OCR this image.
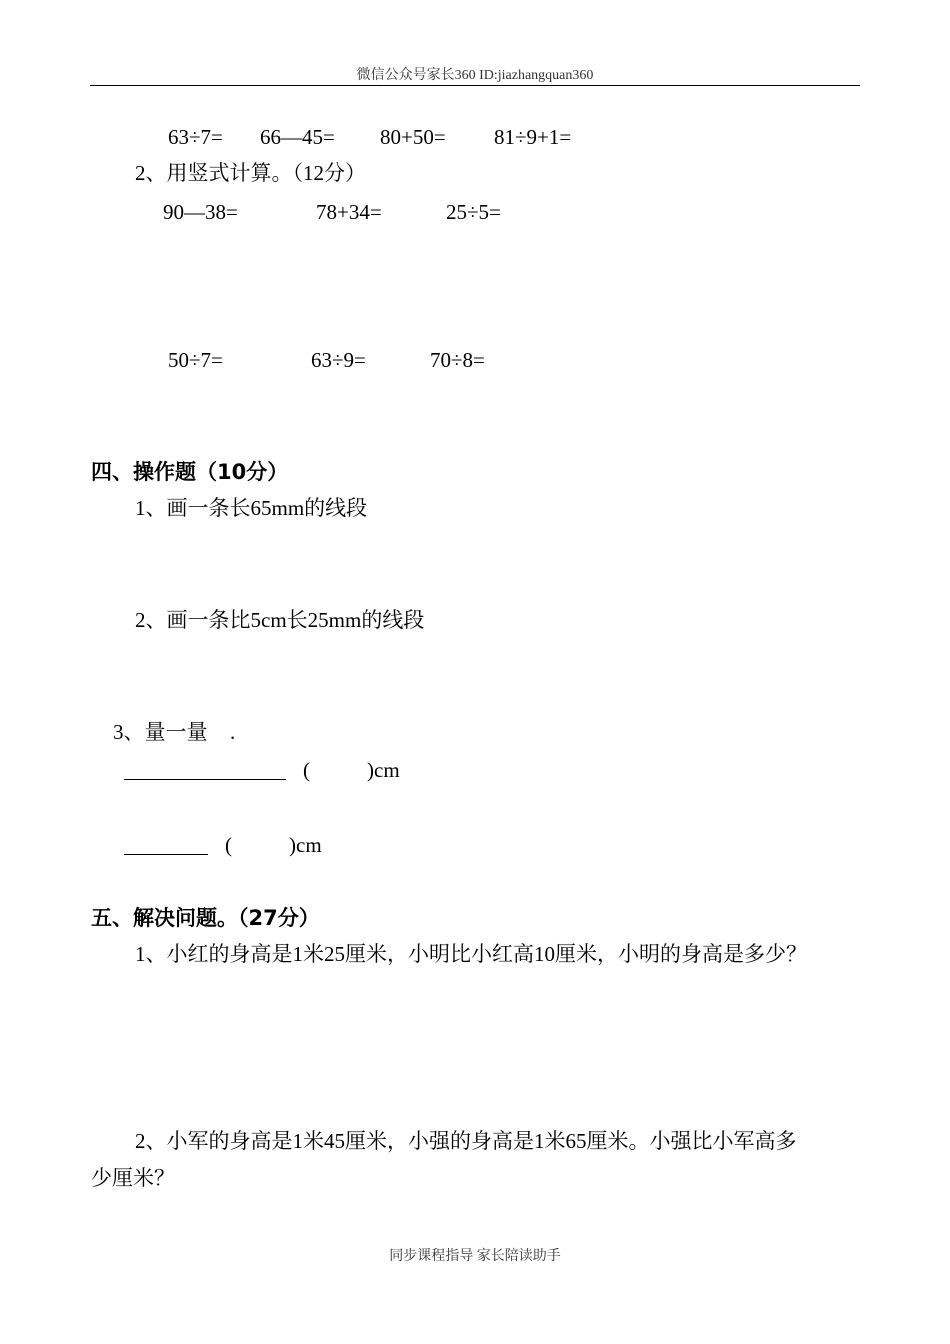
微信公众号家长360 ID:jiazhangquan360
63÷7= 66—45= 80+50= 81÷9+1=
2、用竖式计算。（12分）
90—38=	78+34=	25÷5=
50÷7=	63÷9=	70÷8=
四、操作题（10分）
1、画一条长65mm的线段
2、画一条比5cm长25mm的线段
3、量一量 .
(	)cm
(	)cm
五、解决问题。（27分）
1、小红的身高是1米25厘米，小明比小红高10厘米，小明的身高是多少？
2、小军的身高是1米45厘米，小强的身高是1米65厘米。小强比小军高多
少厘米？
同步课程指导 家长陪读助手
